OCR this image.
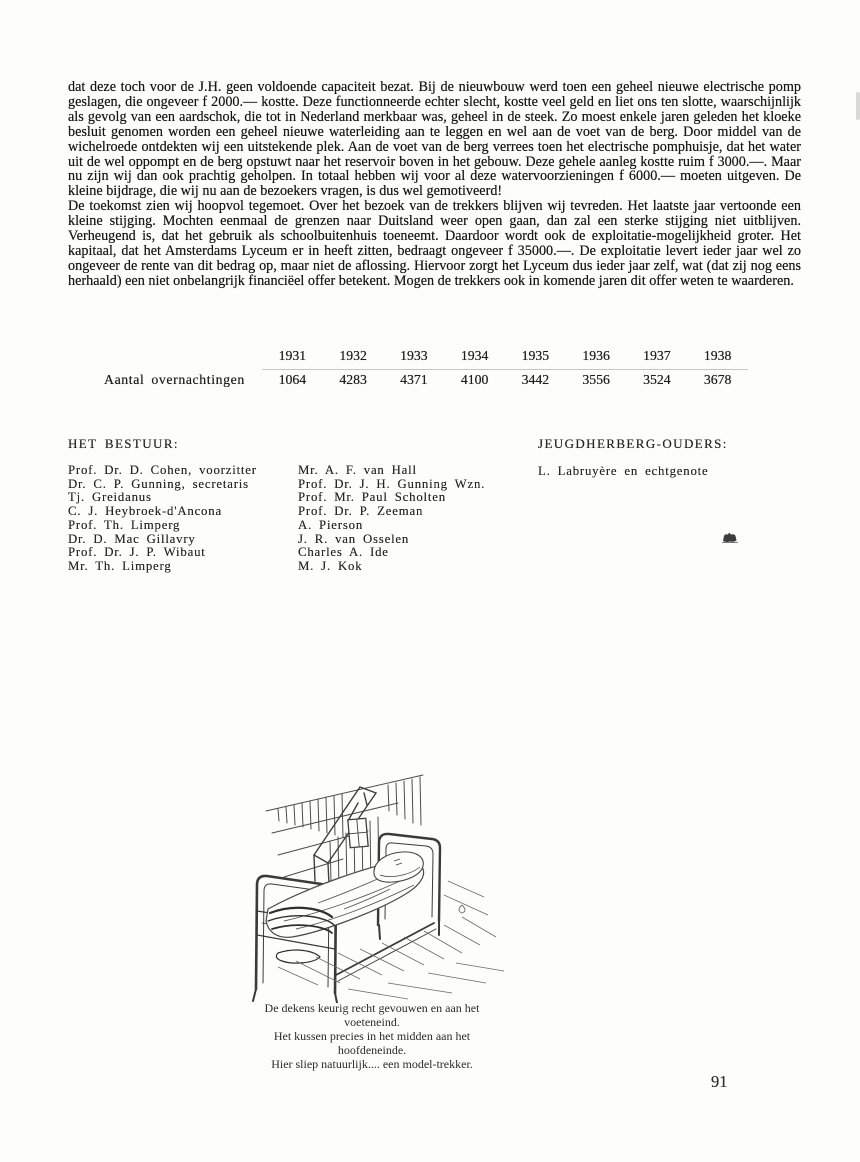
dat deze toch voor de J.H. geen voldoende capaciteit bezat. Bij de nieuwbouw werd toen een geheel nieuwe electrische pomp geslagen, die ongeveer f 2000.— kostte. Deze functionneerde echter slecht, kostte veel geld en liet ons ten slotte, waarschijnlijk als gevolg van een aardschok, die tot in Nederland merkbaar was, geheel in de steek. Zo moest enkele jaren geleden het kloeke besluit genomen worden een geheel nieuwe waterleiding aan te leggen en wel aan de voet van de berg. Door middel van de wichelroede ontdekten wij een uitstekende plek. Aan de voet van de berg verrees toen het electrische pomphuisje, dat het water uit de wel oppompt en de berg opstuwt naar het reservoir boven in het gebouw. Deze gehele aanleg kostte ruim f 3000.—. Maar nu zijn wij dan ook prachtig geholpen. In totaal hebben wij voor al deze watervoorzieningen f 6000.— moeten uitgeven. De kleine bijdrage, die wij nu aan de bezoekers vragen, is dus wel gemotiveerd!

De toekomst zien wij hoopvol tegemoet. Over het bezoek van de trekkers blijven wij tevreden. Het laatste jaar vertoonde een kleine stijging. Mochten eenmaal de grenzen naar Duitsland weer open gaan, dan zal een sterke stijging niet uitblijven. Verheugend is, dat het gebruik als schoolbuitenhuis toeneemt. Daardoor wordt ook de exploitatie-mogelijkheid groter. Het kapitaal, dat het Amsterdams Lyceum er in heeft zitten, bedraagt ongeveer f 35000.—. De exploitatie levert ieder jaar wel zo ongeveer de rente van dit bedrag op, maar niet de aflossing. Hiervoor zorgt het Lyceum dus ieder jaar zelf, wat (dat zij nog eens herhaald) een niet onbelangrijk financiëel offer betekent. Mogen de trekkers ook in komende jaren dit offer weten te waarderen.

1931	1932	1933	1934	1935	1936	1937	1938
Aantal overnachtingen	1064	4283	4371	4100	3442	3556	3524	3678
HET BESTUUR:	JEUGDHERBERG-OUDERS:
Prof. Dr. D. Cohen, voorzitter
Dr. C. P. Gunning, secretaris
Tj. Greidanus
C. J. Heybroek-d'Ancona
Prof. Th. Limperg
Dr. D. Mac Gillavry
Prof. Dr. J. P. Wibaut
Mr. Th. Limperg
Mr. A. F. van Hall
Prof. Dr. J. H. Gunning Wzn.
Prof. Mr. Paul Scholten
Prof. Dr. P. Zeeman
A. Pierson
J. R. van Osselen
Charles A. Ide
M. J. Kok
L. Labruyère en echtgenote
De dekens keurig recht gevouwen en aan het voeteneind.
Het kussen precies in het midden aan het hoofdeneinde.
Hier sliep natuurlijk.... een model-trekker.
91
